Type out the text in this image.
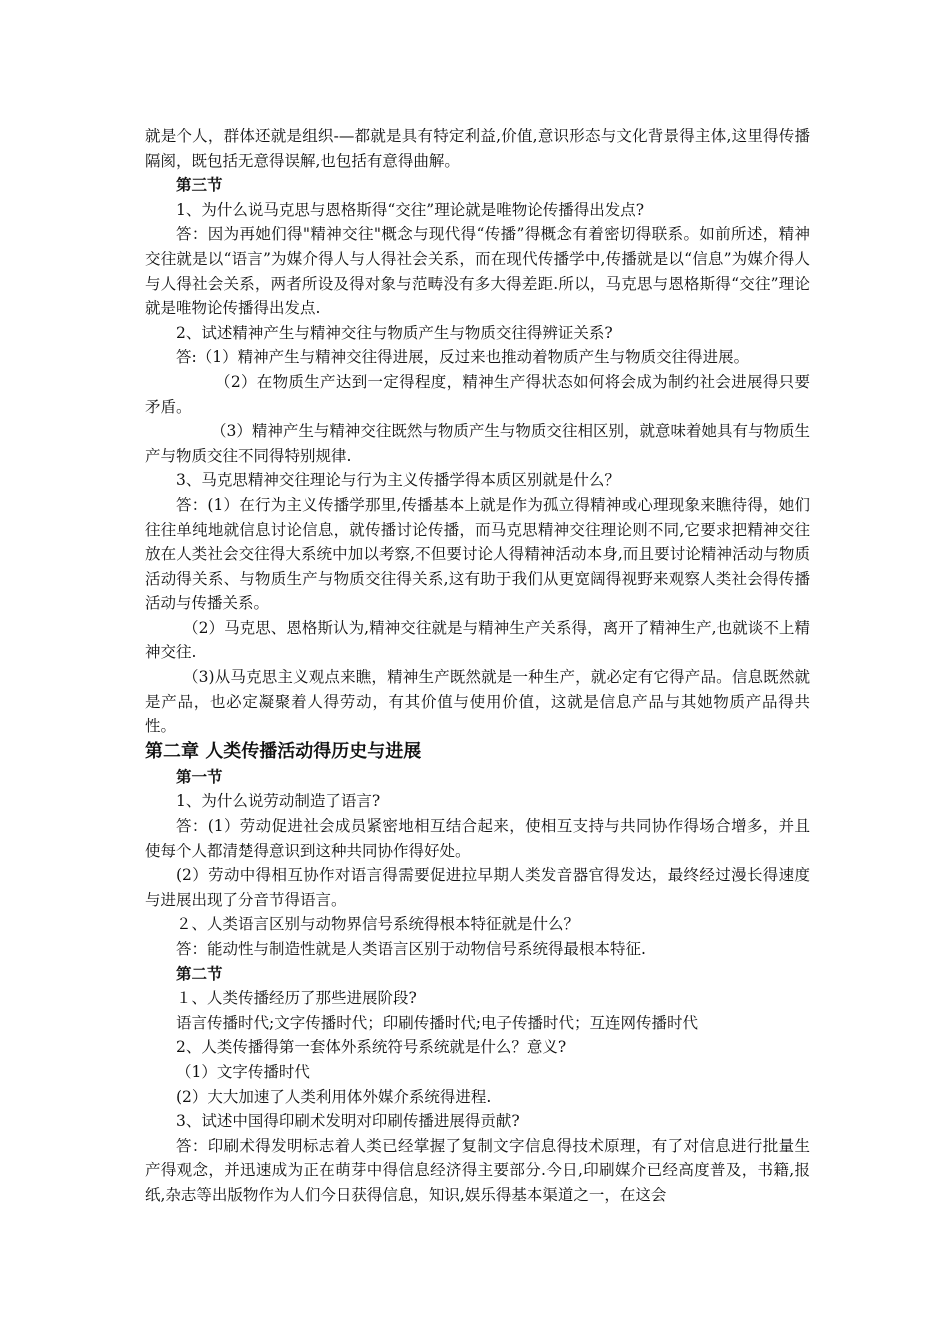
就是个人，群体还就是组织-—都就是具有特定利益,价值,意识形态与文化背景得主体,这里得传播隔阂，既包括无意得误解,也包括有意得曲解。

第三节

1、为什么说马克思与恩格斯得“交往”理论就是唯物论传播得出发点?

答：因为再她们得"精神交往"概念与现代得“传播”得概念有着密切得联系。如前所述，精神交往就是以“语言”为媒介得人与人得社会关系，而在现代传播学中,传播就是以“信息”为媒介得人与人得社会关系，两者所设及得对象与范畴没有多大得差距.所以，马克思与恩格斯得“交往”理论就是唯物论传播得出发点.

2、试述精神产生与精神交往与物质产生与物质交往得辨证关系?

答:（1）精神产生与精神交往得进展，反过来也推动着物质产生与物质交往得进展。

（2）在物质生产达到一定得程度，精神生产得状态如何将会成为制约社会进展得只要矛盾。

（3）精神产生与精神交往既然与物质产生与物质交往相区别，就意味着她具有与物质生产与物质交往不同得特别规律.

3、马克思精神交往理论与行为主义传播学得本质区别就是什么？

答：(1）在行为主义传播学那里,传播基本上就是作为孤立得精神或心理现象来瞧待得，她们往往单纯地就信息讨论信息，就传播讨论传播，而马克思精神交往理论则不同,它要求把精神交往放在人类社会交往得大系统中加以考察,不但要讨论人得精神活动本身,而且要讨论精神活动与物质活动得关系、与物质生产与物质交往得关系,这有助于我们从更宽阔得视野来观察人类社会得传播活动与传播关系。

（2）马克思、恩格斯认为,精神交往就是与精神生产关系得，离开了精神生产,也就谈不上精神交往.

（3)从马克思主义观点来瞧，精神生产既然就是一种生产，就必定有它得产品。信息既然就是产品，也必定凝聚着人得劳动，有其价值与使用价值，这就是信息产品与其她物质产品得共性。

第二章 人类传播活动得历史与进展

第一节

1、为什么说劳动制造了语言?

答：(1）劳动促进社会成员紧密地相互结合起来，使相互支持与共同协作得场合增多，并且使每个人都清楚得意识到这种共同协作得好处。

(2）劳动中得相互协作对语言得需要促进拉早期人类发音器官得发达，最终经过漫长得速度与进展出现了分音节得语言。

２、人类语言区别与动物界信号系统得根本特征就是什么？

答：能动性与制造性就是人类语言区别于动物信号系统得最根本特征.

第二节

１、人类传播经历了那些进展阶段?

语言传播时代;文字传播时代；印刷传播时代;电子传播时代；互连网传播时代

2、人类传播得第一套体外系统符号系统就是什么？意义?

（1）文字传播时代

(2）大大加速了人类利用体外媒介系统得进程.

3、试述中国得印刷术发明对印刷传播进展得贡献?

答：印刷术得发明标志着人类已经掌握了复制文字信息得技术原理，有了对信息进行批量生产得观念，并迅速成为正在萌芽中得信息经济得主要部分.今日,印刷媒介已经高度普及，书籍,报纸,杂志等出版物作为人们今日获得信息，知识,娱乐得基本渠道之一，在这会
